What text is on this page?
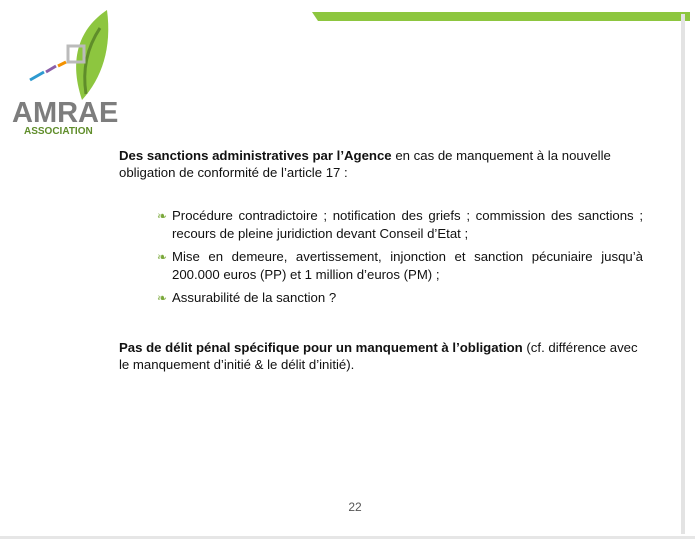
AMRAE
ASSOCIATION

Des sanctions administratives par l’Agence en cas de manquement à la nouvelle obligation de conformité de l’article 17 :

❧ Procédure contradictoire ; notification des griefs ; commission des sanctions ; recours de pleine juridiction devant Conseil d’Etat ;
❧ Mise en demeure, avertissement, injonction et sanction pécuniaire jusqu’à 200.000 euros (PP) et 1 million d’euros (PM) ;
❧ Assurabilité de la sanction ?

Pas de délit pénal spécifique pour un manquement à l’obligation (cf. différence avec le manquement d’initié & le délit d’initié).

22
